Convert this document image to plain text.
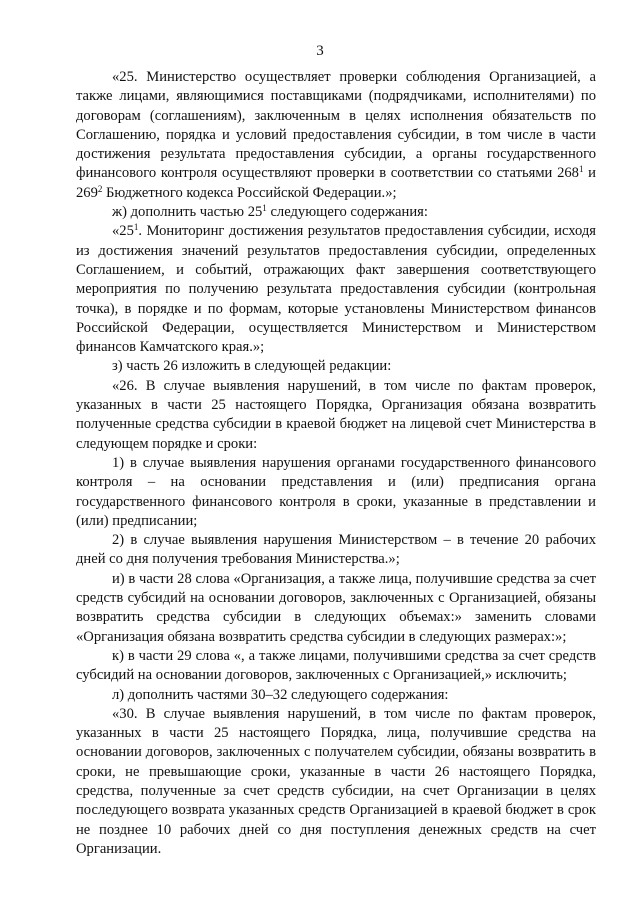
3

«25. Министерство осуществляет проверки соблюдения Организацией, а также лицами, являющимися поставщиками (подрядчиками, исполнителями) по договорам (соглашениям), заключенным в целях исполнения обязательств по Соглашению, порядка и условий предоставления субсидии, в том числе в части достижения результата предоставления субсидии, а органы государственного финансового контроля осуществляют проверки в соответствии со статьями $268^1$ и $269^2$ Бюджетного кодекса Российской Федерации.»;

ж) дополнить частью $25^1$ следующего содержания:

«$25^1$. Мониторинг достижения результатов предоставления субсидии, исходя из достижения значений результатов предоставления субсидии, определенных Соглашением, и событий, отражающих факт завершения соответствующего мероприятия по получению результата предоставления субсидии (контрольная точка), в порядке и по формам, которые установлены Министерством финансов Российской Федерации, осуществляется Министерством и Министерством финансов Камчатского края.»;

з) часть 26 изложить в следующей редакции:

«26. В случае выявления нарушений, в том числе по фактам проверок, указанных в части 25 настоящего Порядка, Организация обязана возвратить полученные средства субсидии в краевой бюджет на лицевой счет Министерства в следующем порядке и сроки:

1) в случае выявления нарушения органами государственного финансового контроля – на основании представления и (или) предписания органа государственного финансового контроля в сроки, указанные в представлении и (или) предписании;

2) в случае выявления нарушения Министерством – в течение 20 рабочих дней со дня получения требования Министерства.»;

и) в части 28 слова «Организация, а также лица, получившие средства за счет средств субсидий на основании договоров, заключенных с Организацией, обязаны возвратить средства субсидии в следующих объемах:» заменить словами «Организация обязана возвратить средства субсидии в следующих размерах:»;

к) в части 29 слова «, а также лицами, получившими средства за счет средств субсидий на основании договоров, заключенных с Организацией,» исключить;

л) дополнить частями 30–32 следующего содержания:

«30. В случае выявления нарушений, в том числе по фактам проверок, указанных в части 25 настоящего Порядка, лица, получившие средства на основании договоров, заключенных с получателем субсидии, обязаны возвратить в сроки, не превышающие сроки, указанные в части 26 настоящего Порядка, средства, полученные за счет средств субсидии, на счет Организации в целях последующего возврата указанных средств Организацией в краевой бюджет в срок не позднее 10 рабочих дней со дня поступления денежных средств на счет Организации.
